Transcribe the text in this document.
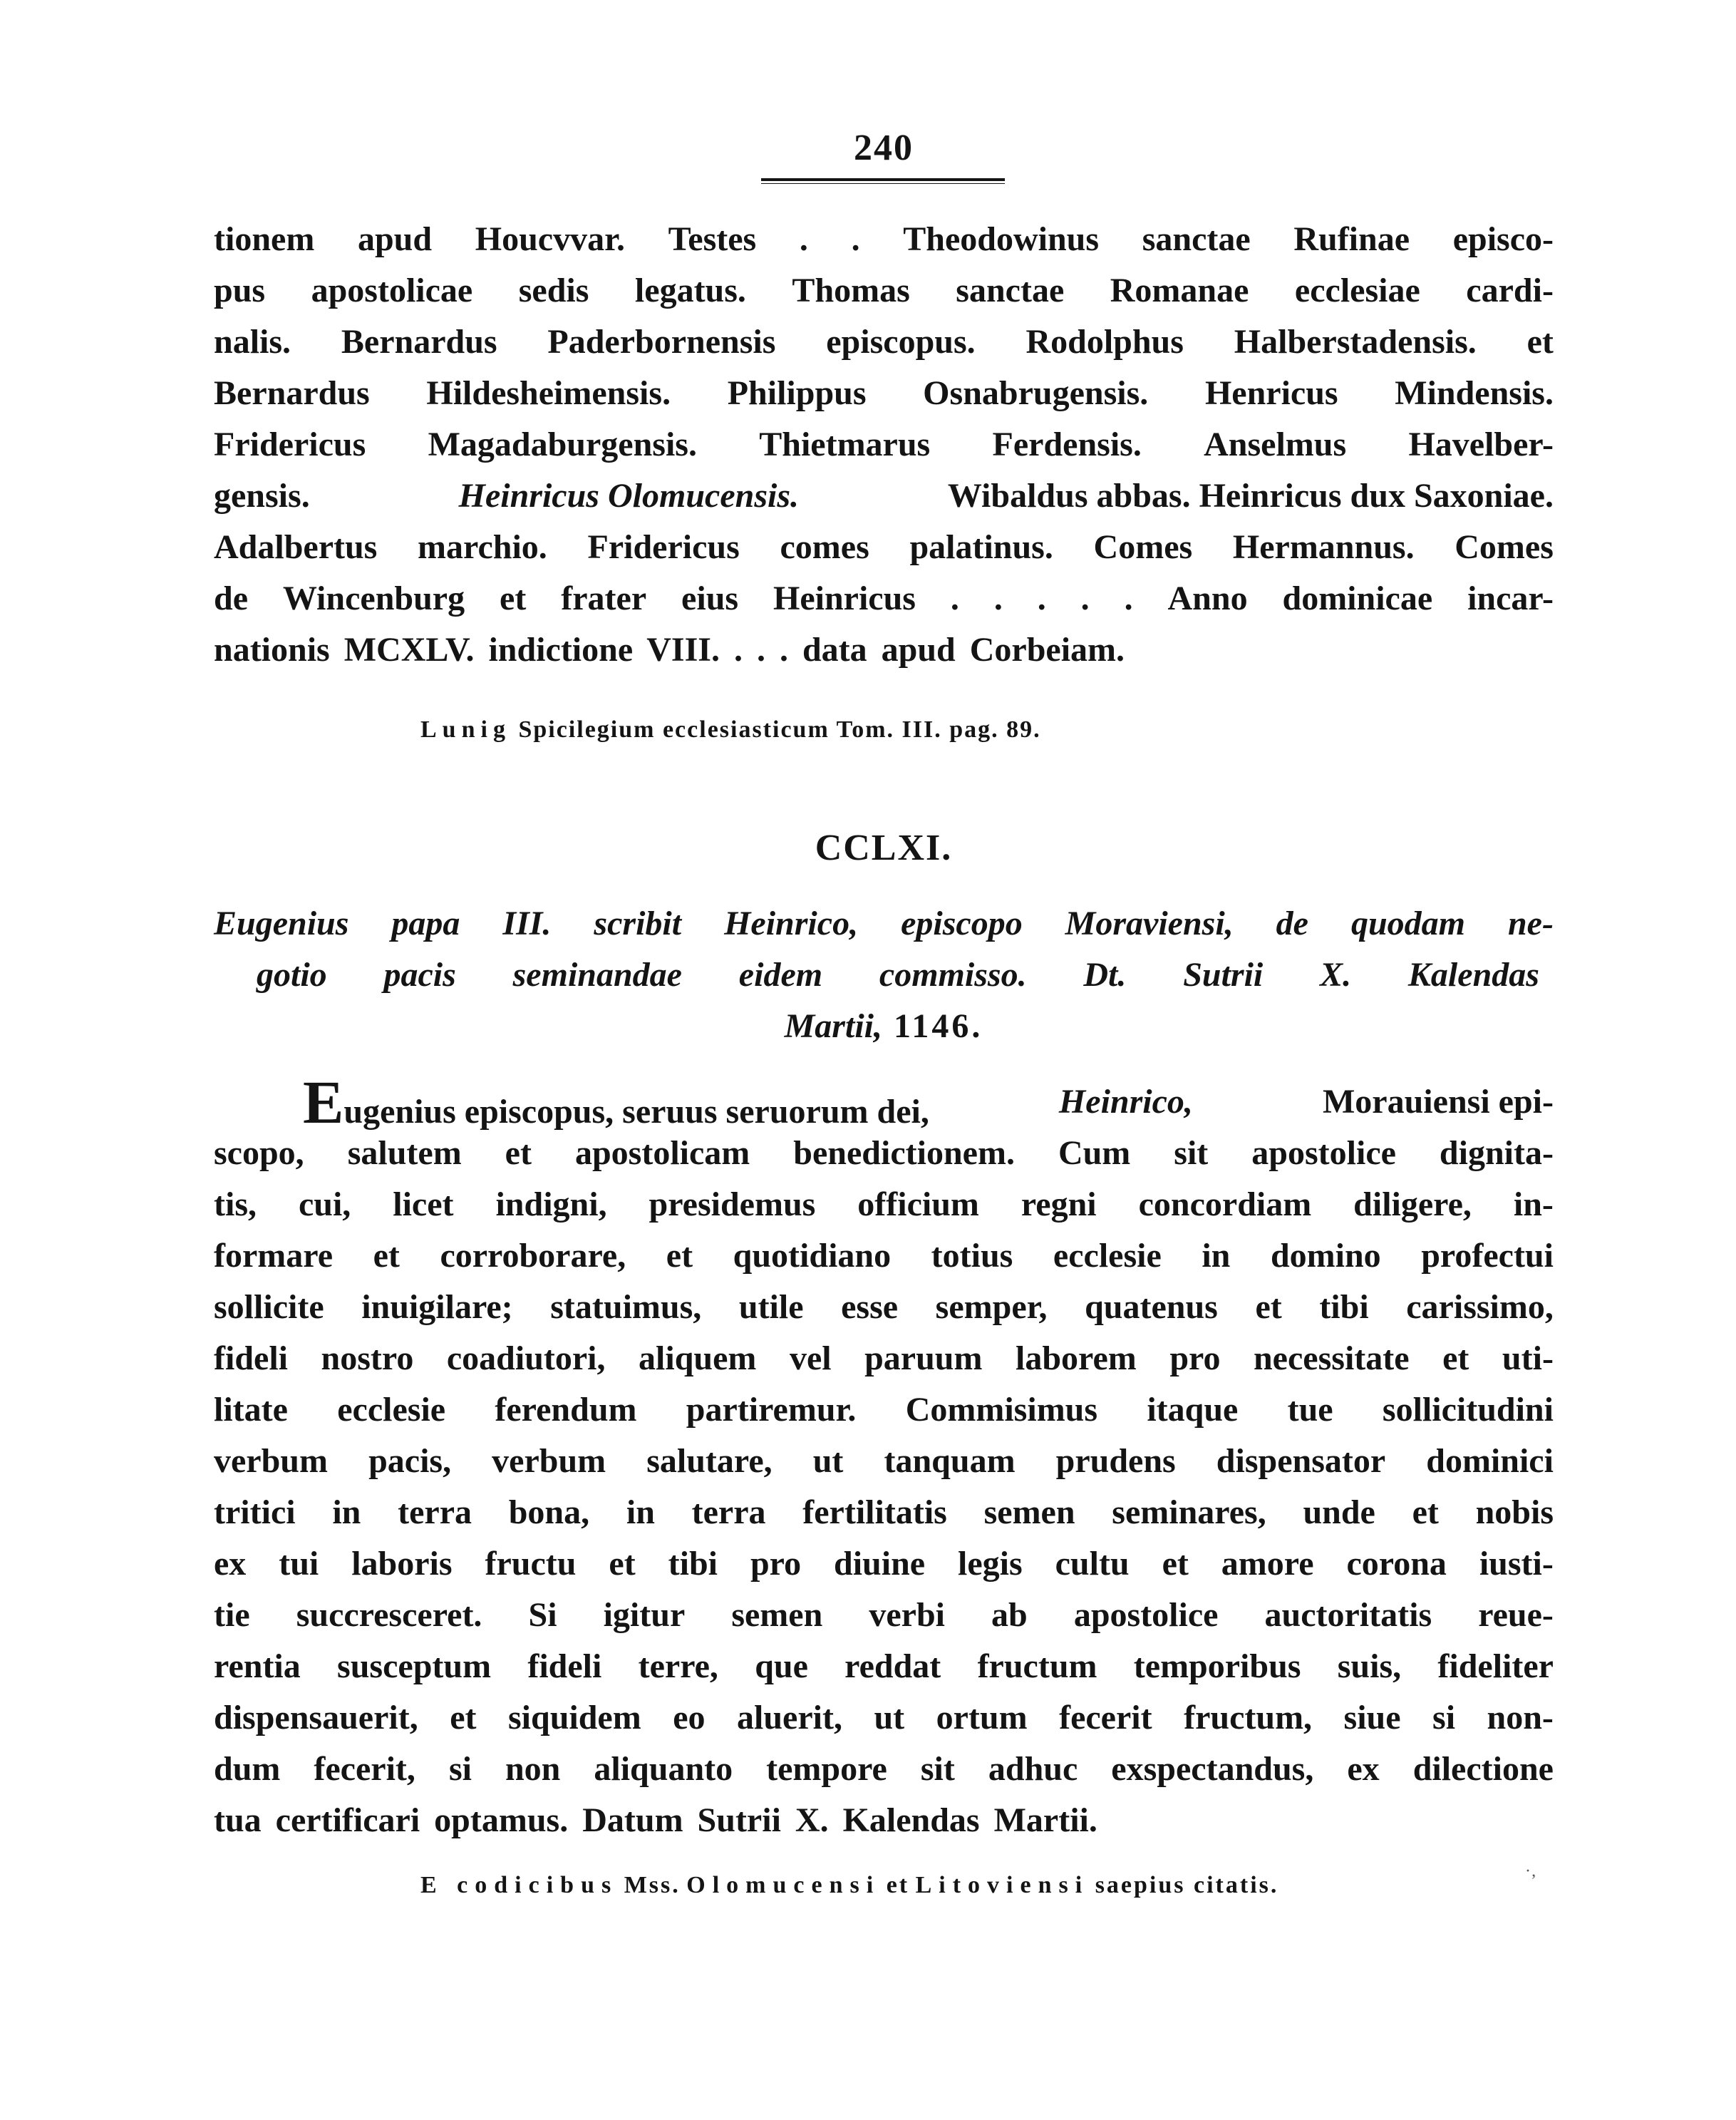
240
tionem apud Houcvvar. Testes . . Theodowinus sanctae Rufinae episco-
pus apostolicae sedis legatus. Thomas sanctae Romanae ecclesiae cardi-
nalis. Bernardus Paderbornensis episcopus. Rodolphus Halberstadensis. et
Bernardus Hildesheimensis. Philippus Osnabrugensis. Henricus Mindensis.
Fridericus Magadaburgensis. Thietmarus Ferdensis. Anselmus Havelber-
gensis.	Heinricus Olomucensis.	Wibaldus abbas. Heinricus dux Saxoniae.
Adalbertus marchio. Fridericus comes palatinus. Comes Hermannus. Comes
de Wincenburg et frater eius Heinricus . . . . . Anno dominicae incar-
nationis MCXLV. indictione VIII. . . . data apud Corbeiam.
Lunig Spicilegium ecclesiasticum Tom. III. pag. 89.
CCLXI.
Eugenius papa III. scribit Heinrico, episcopo Moraviensi, de quodam ne-
gotio pacis seminandae eidem commisso. Dt. Sutrii X. Kalendas
Martii, 1146.
Eugenius episcopus, seruus seruorum dei,	Heinrico,	Morauiensi epi-
scopo, salutem et apostolicam benedictionem. Cum sit apostolice dignita-
tis, cui, licet indigni, presidemus officium regni concordiam diligere, in-
formare et corroborare, et quotidiano totius ecclesie in domino profectui
sollicite inuigilare; statuimus, utile esse semper, quatenus et tibi carissimo,
fideli nostro coadiutori, aliquem vel paruum laborem pro necessitate et uti-
litate ecclesie ferendum partiremur. Commisimus itaque tue sollicitudini
verbum pacis, verbum salutare, ut tanquam prudens dispensator dominici
tritici in terra bona, in terra fertilitatis semen seminares, unde et nobis
ex tui laboris fructu et tibi pro diuine legis cultu et amore corona iusti-
tie succresceret. Si igitur semen verbi ab apostolice auctoritatis reue-
rentia susceptum fideli terre, que reddat fructum temporibus suis, fideliter
dispensauerit, et siquidem eo aluerit, ut ortum fecerit fructum, siue si non-
dum fecerit, si non aliquanto tempore sit adhuc exspectandus, ex dilectione
tua certificari optamus. Datum Sutrii X. Kalendas Martii.
E codicibus Mss. Olomucensi et Litoviensi saepius citatis.
·‚
